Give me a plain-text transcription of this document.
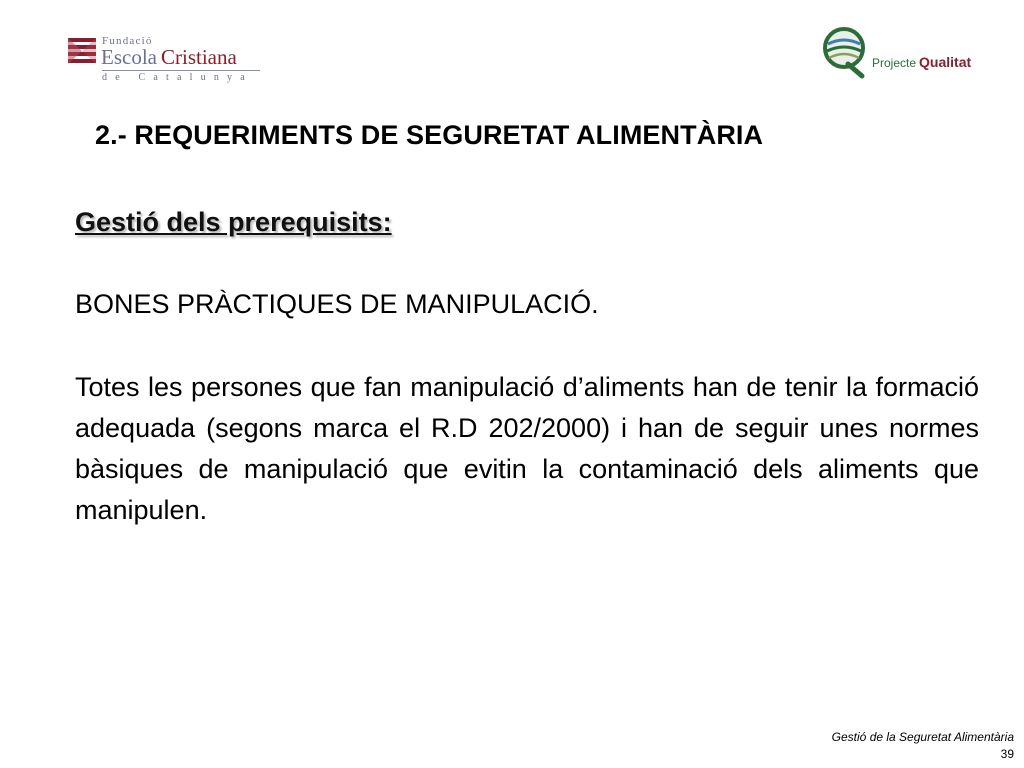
Fundació
Escola Cristiana
de Catalunya
Projecte Qualitat
2.- REQUERIMENTS DE SEGURETAT ALIMENTÀRIA
Gestió dels prerequisits:

BONES PRÀCTIQUES DE MANIPULACIÓ.

Totes les persones que fan manipulació d’aliments han de tenir la formació adequada (segons marca el R.D 202/2000) i han de seguir unes normes bàsiques de manipulació que evitin la contaminació dels aliments que manipulen.

Gestió de la Seguretat Alimentària
39
